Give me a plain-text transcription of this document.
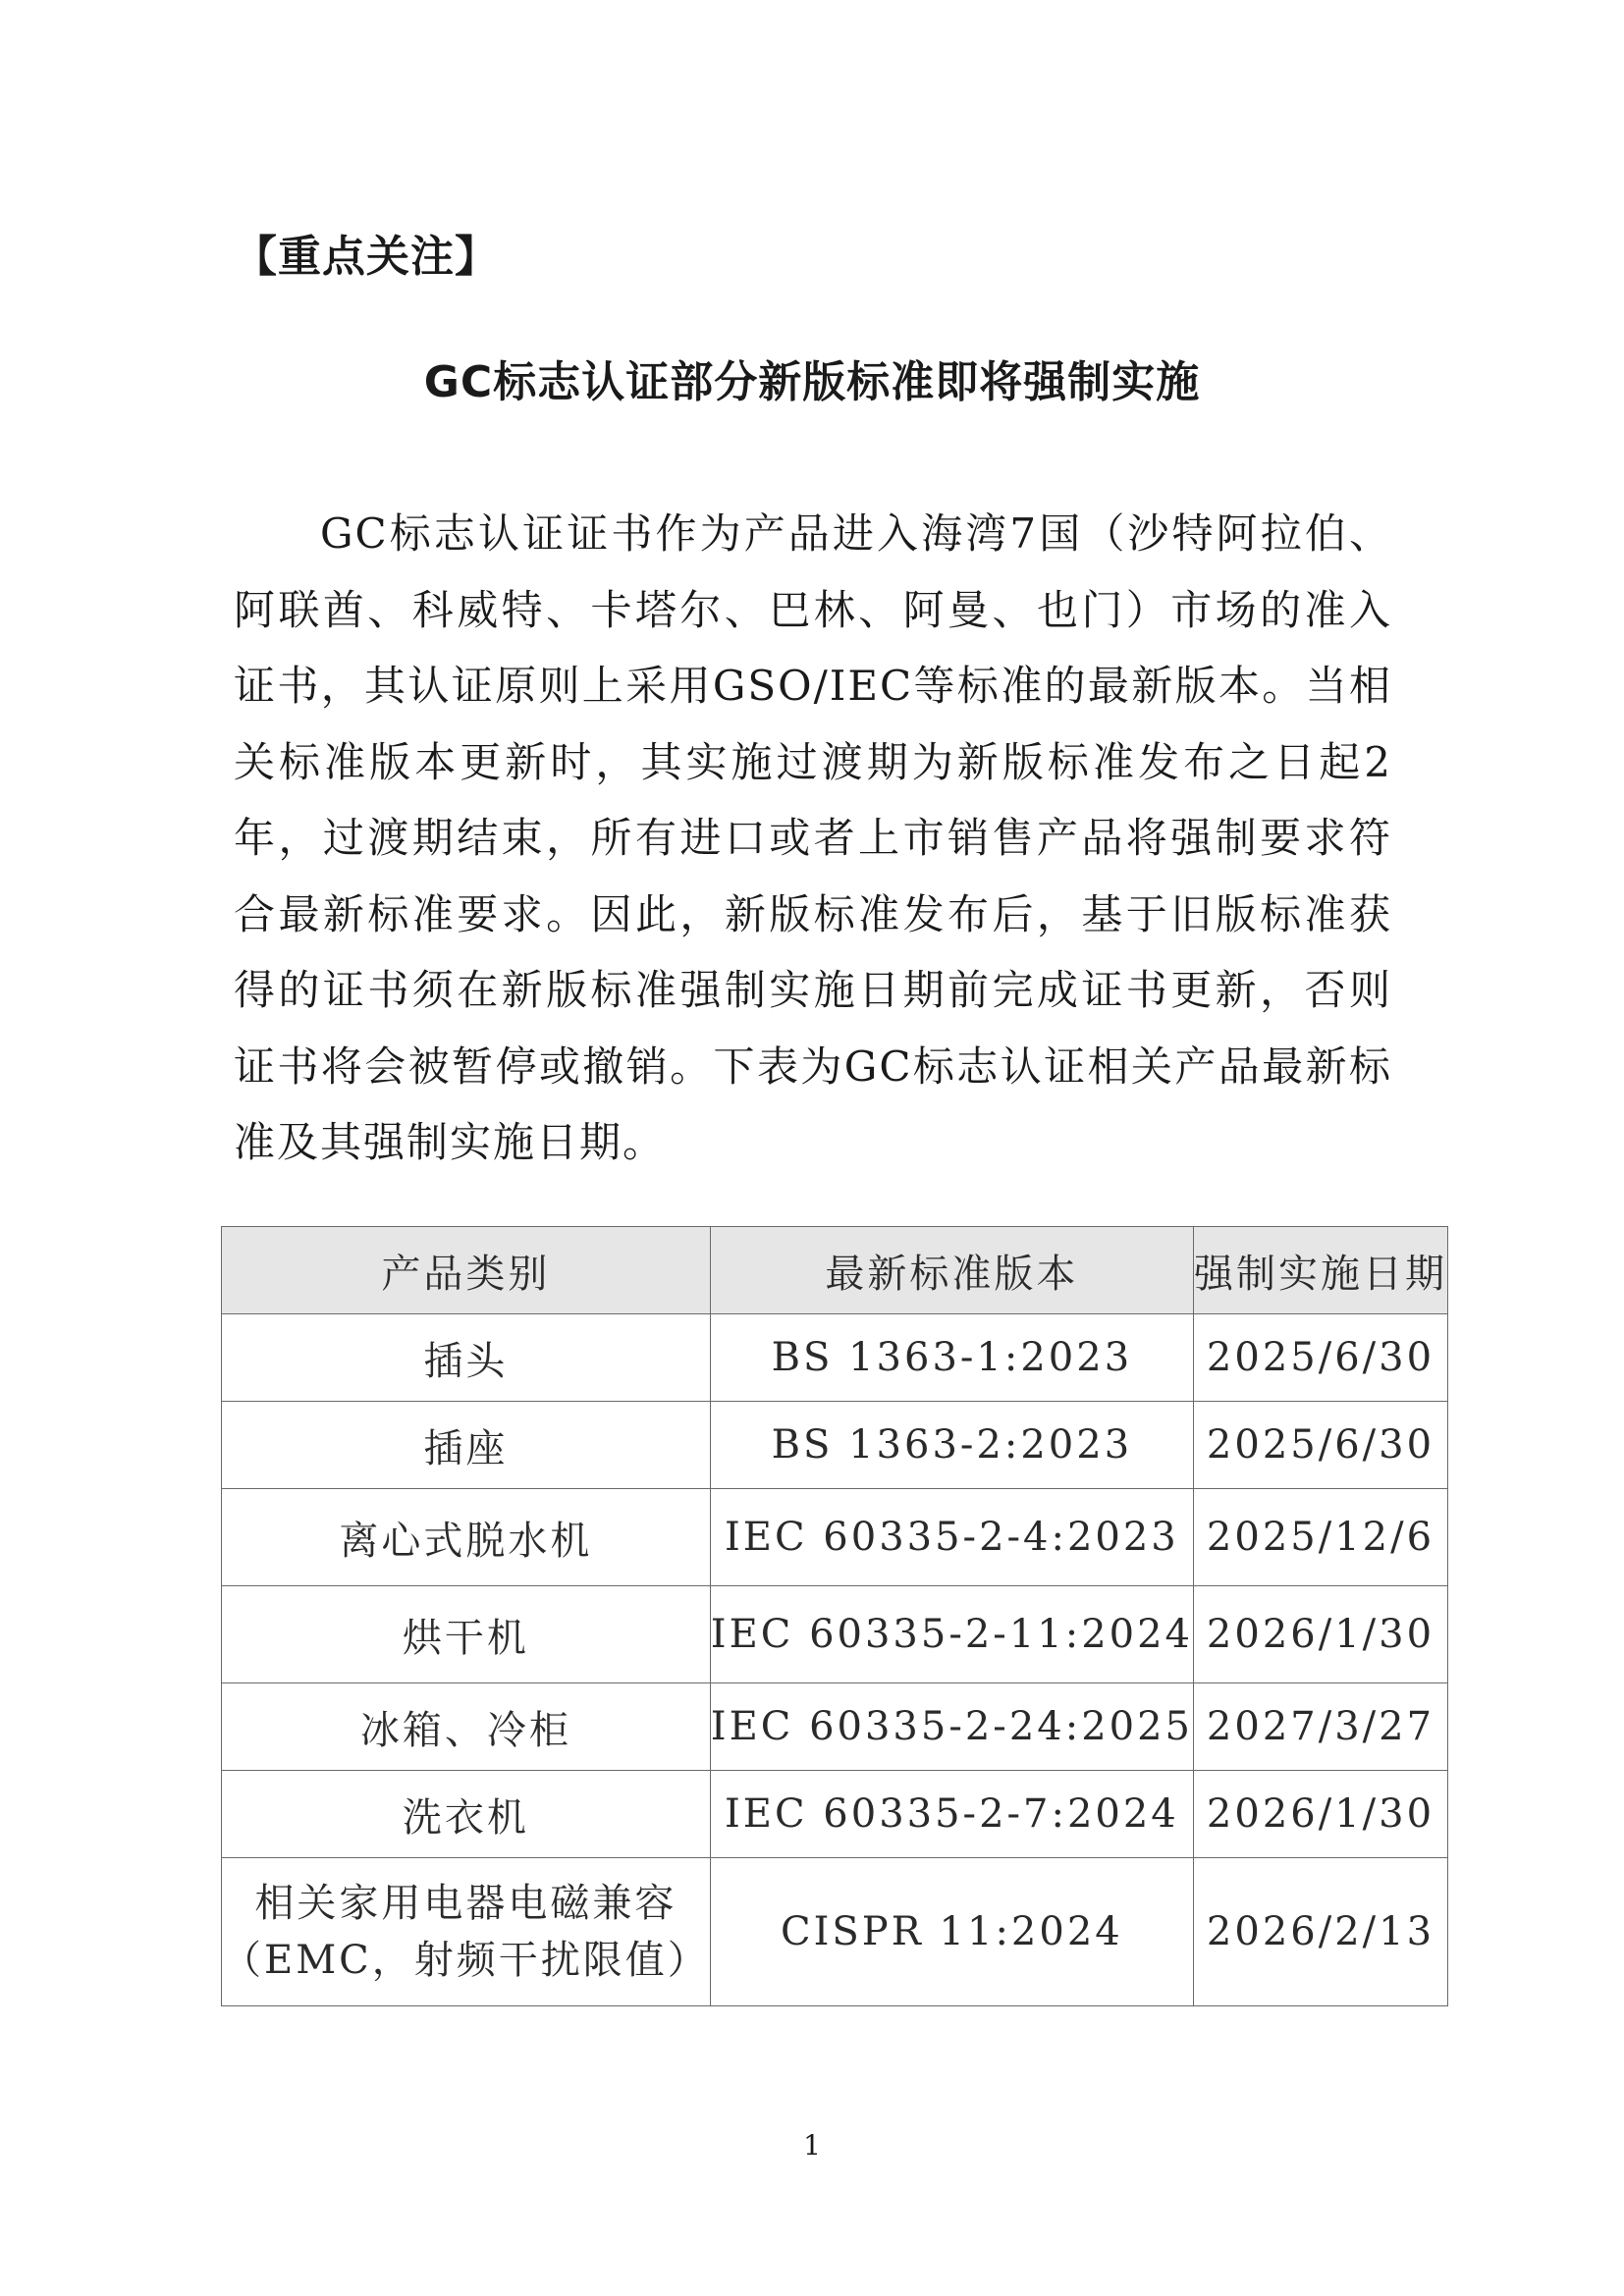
【重点关注】
GC标志认证部分新版标准即将强制实施

GC标志认证证书作为产品进入海湾7国（沙特阿拉伯、阿联酋、科威特、卡塔尔、巴林、阿曼、也门）市场的准入证书，其认证原则上采用GSO/IEC等标准的最新版本。当相关标准版本更新时，其实施过渡期为新版标准发布之日起2年，过渡期结束，所有进口或者上市销售产品将强制要求符合最新标准要求。因此，新版标准发布后，基于旧版标准获得的证书须在新版标准强制实施日期前完成证书更新，否则证书将会被暂停或撤销。下表为GC标志认证相关产品最新标准及其强制实施日期。

产品类别	最新标准版本	强制实施日期
插头	BS 1363-1:2023	2025/6/30
插座	BS 1363-2:2023	2025/6/30
离心式脱水机	IEC 60335-2-4:2023	2025/12/6
烘干机	IEC 60335-2-11:2024	2026/1/30
冰箱、冷柜	IEC 60335-2-24:2025	2027/3/27
洗衣机	IEC 60335-2-7:2024	2026/1/30

相关家用电器电磁兼容
（EMC，射频干扰限值）	CISPR 11:2024	2026/2/13
1
